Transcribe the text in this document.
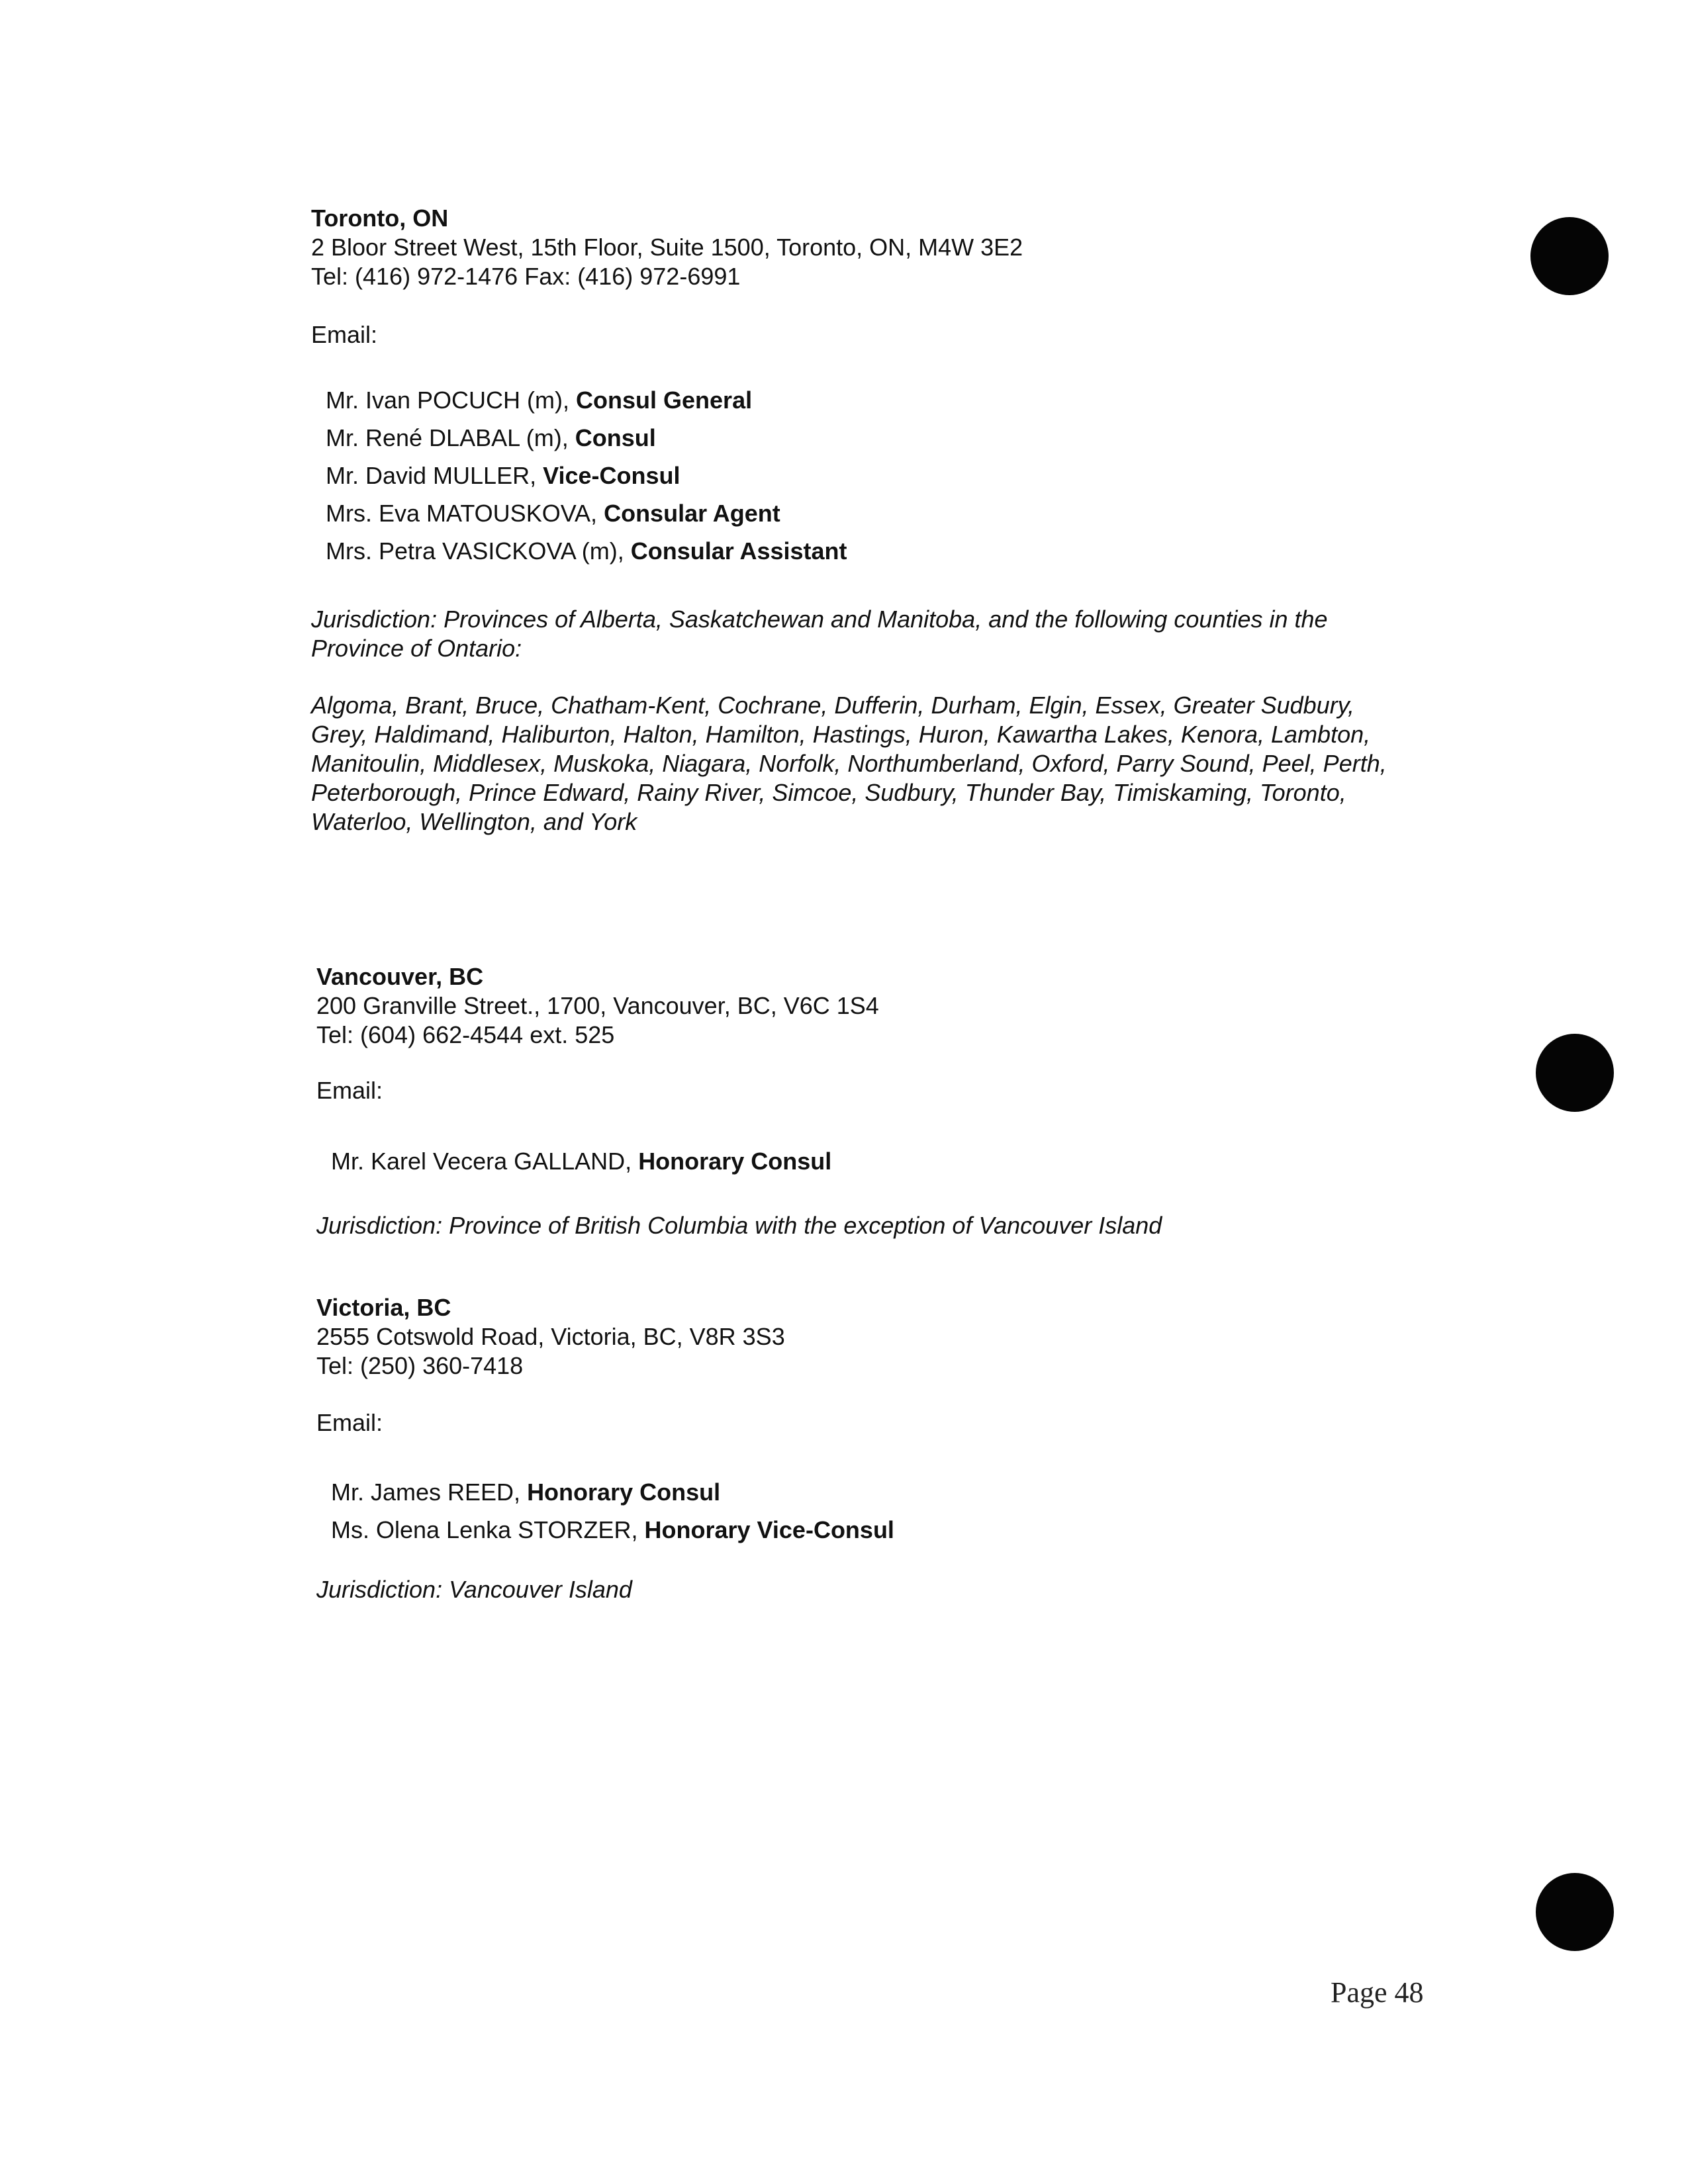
Toronto, ON
2 Bloor Street West, 15th Floor, Suite 1500, Toronto, ON, M4W 3E2
Tel: (416) 972-1476 Fax: (416) 972-6991
Email:
Mr. Ivan POCUCH (m), Consul General
Mr. René DLABAL (m), Consul
Mr. David MULLER, Vice-Consul
Mrs. Eva MATOUSKOVA, Consular Agent
Mrs. Petra VASICKOVA (m), Consular Assistant
Jurisdiction: Provinces of Alberta, Saskatchewan and Manitoba, and the following counties in the Province of Ontario:
Algoma, Brant, Bruce, Chatham-Kent, Cochrane, Dufferin, Durham, Elgin, Essex, Greater Sudbury, Grey, Haldimand, Haliburton, Halton, Hamilton, Hastings, Huron, Kawartha Lakes, Kenora, Lambton, Manitoulin, Middlesex, Muskoka, Niagara, Norfolk, Northumberland, Oxford, Parry Sound, Peel, Perth, Peterborough, Prince Edward, Rainy River, Simcoe, Sudbury, Thunder Bay, Timiskaming, Toronto, Waterloo, Wellington, and York
Vancouver, BC
200 Granville Street., 1700, Vancouver, BC, V6C 1S4
Tel: (604) 662-4544 ext. 525
Email:
Mr. Karel Vecera GALLAND, Honorary Consul
Jurisdiction: Province of British Columbia with the exception of Vancouver Island
Victoria, BC
2555 Cotswold Road, Victoria, BC, V8R 3S3
Tel: (250) 360-7418
Email:
Mr. James REED, Honorary Consul
Ms. Olena Lenka STORZER, Honorary Vice-Consul
Jurisdiction: Vancouver Island
Page 48
